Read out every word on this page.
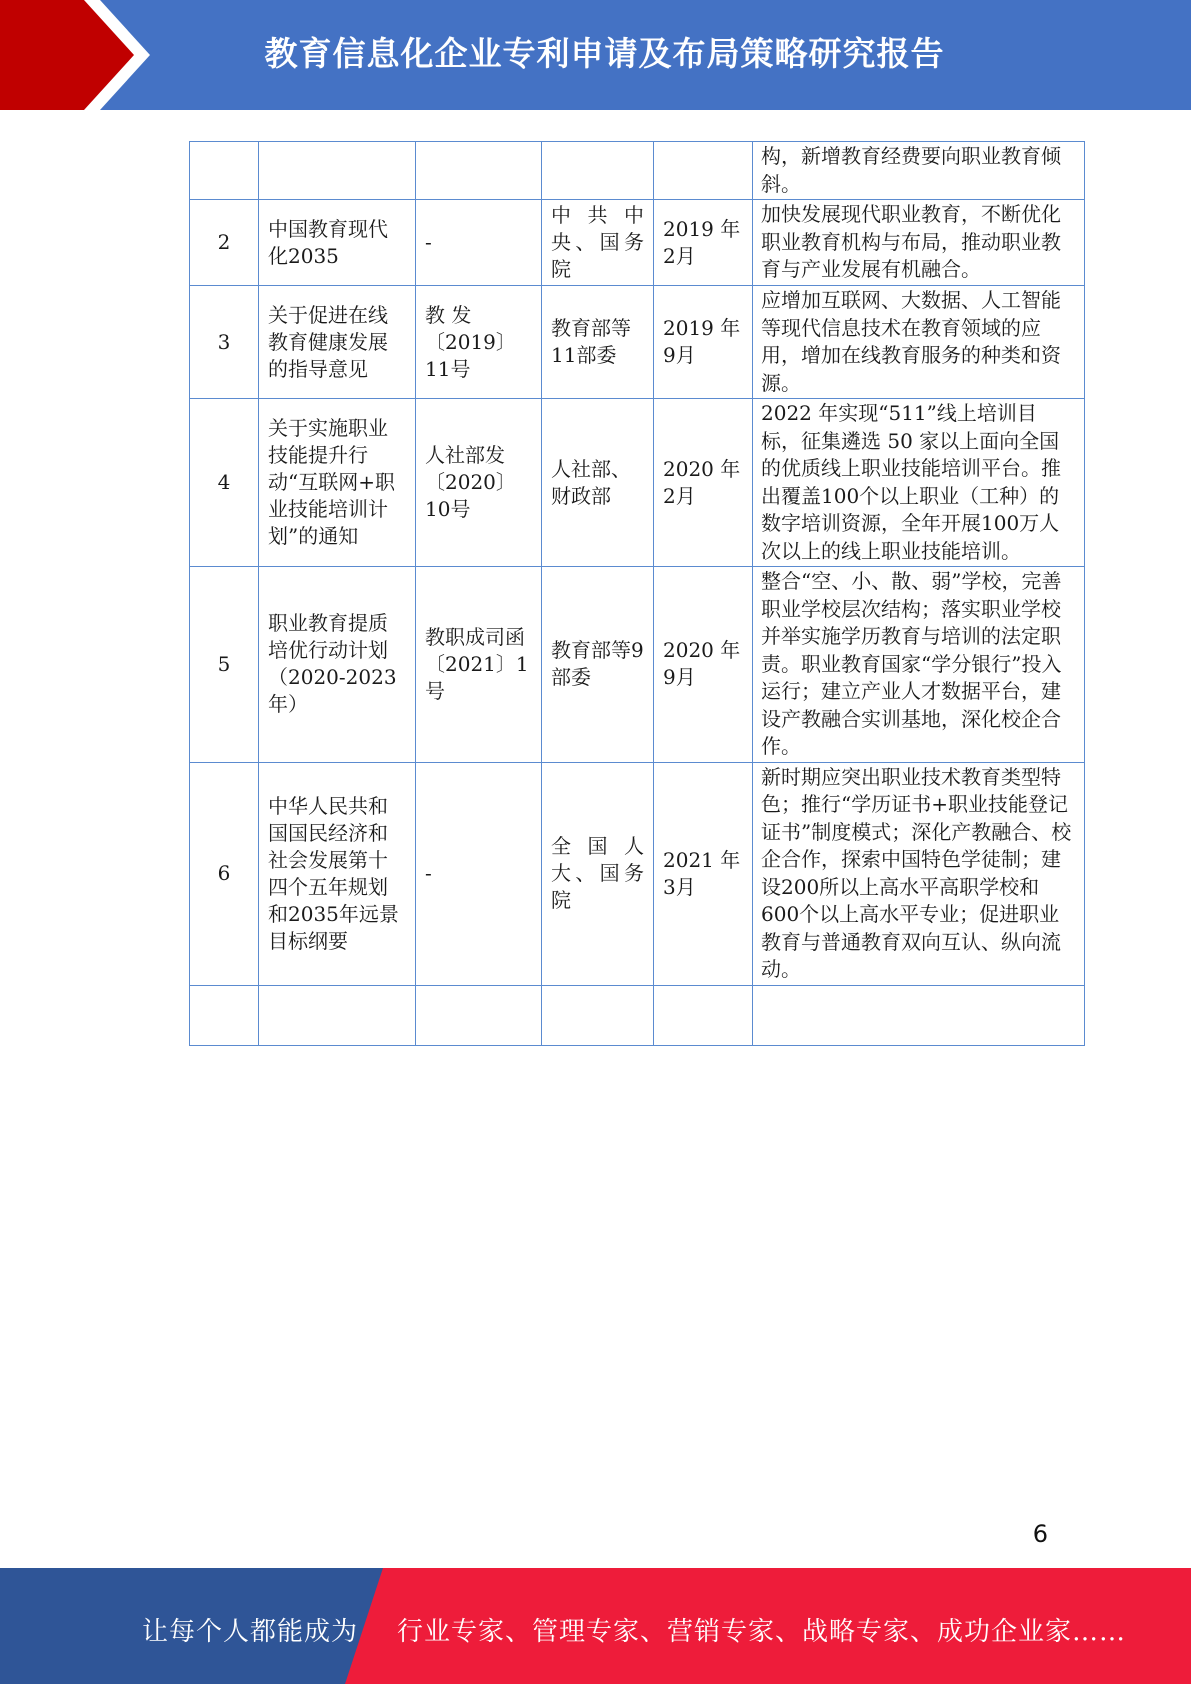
教育信息化企业专利申请及布局策略研究报告
					构，新增教育经费要向职业教育倾斜。
2	中国教育现代化2035	-	中共中央、国务院	2019 年 2月	加快发展现代职业教育，不断优化职业教育机构与布局，推动职业教育与产业发展有机融合。
3	关于促进在线教育健康发展的指导意见	教 发〔2019〕11号	教育部等11部委	2019 年 9月	应增加互联网、大数据、人工智能等现代信息技术在教育领域的应用，增加在线教育服务的种类和资源。
4	关于实施职业技能提升行动“互联网+职业技能培训计划”的通知	人社部发〔2020〕10号	人社部、财政部	2020 年 2月	2022 年实现“511”线上培训目标，征集遴选 50 家以上面向全国的优质线上职业技能培训平台。推出覆盖100个以上职业（工种）的数字培训资源，全年开展100万人次以上的线上职业技能培训。
5	职业教育提质培优行动计划（2020-2023年）	教职成司函〔2021〕1号	教育部等9部委	2020 年 9月	整合“空、小、散、弱”学校，完善职业学校层次结构；落实职业学校并举实施学历教育与培训的法定职责。职业教育国家“学分银行”投入运行；建立产业人才数据平台，建设产教融合实训基地，深化校企合作。
6	中华人民共和国国民经济和社会发展第十四个五年规划和2035年远景目标纲要	-	全国人大、国务院	2021 年 3月	新时期应突出职业技术教育类型特色；推行“学历证书+职业技能登记证书”制度模式；深化产教融合、校企合作，探索中国特色学徒制；建设200所以上高水平高职学校和600个以上高水平专业；促进职业教育与普通教育双向互认、纵向流动。

6
让每个人都能成为 行业专家、管理专家、营销专家、战略专家、成功企业家……
